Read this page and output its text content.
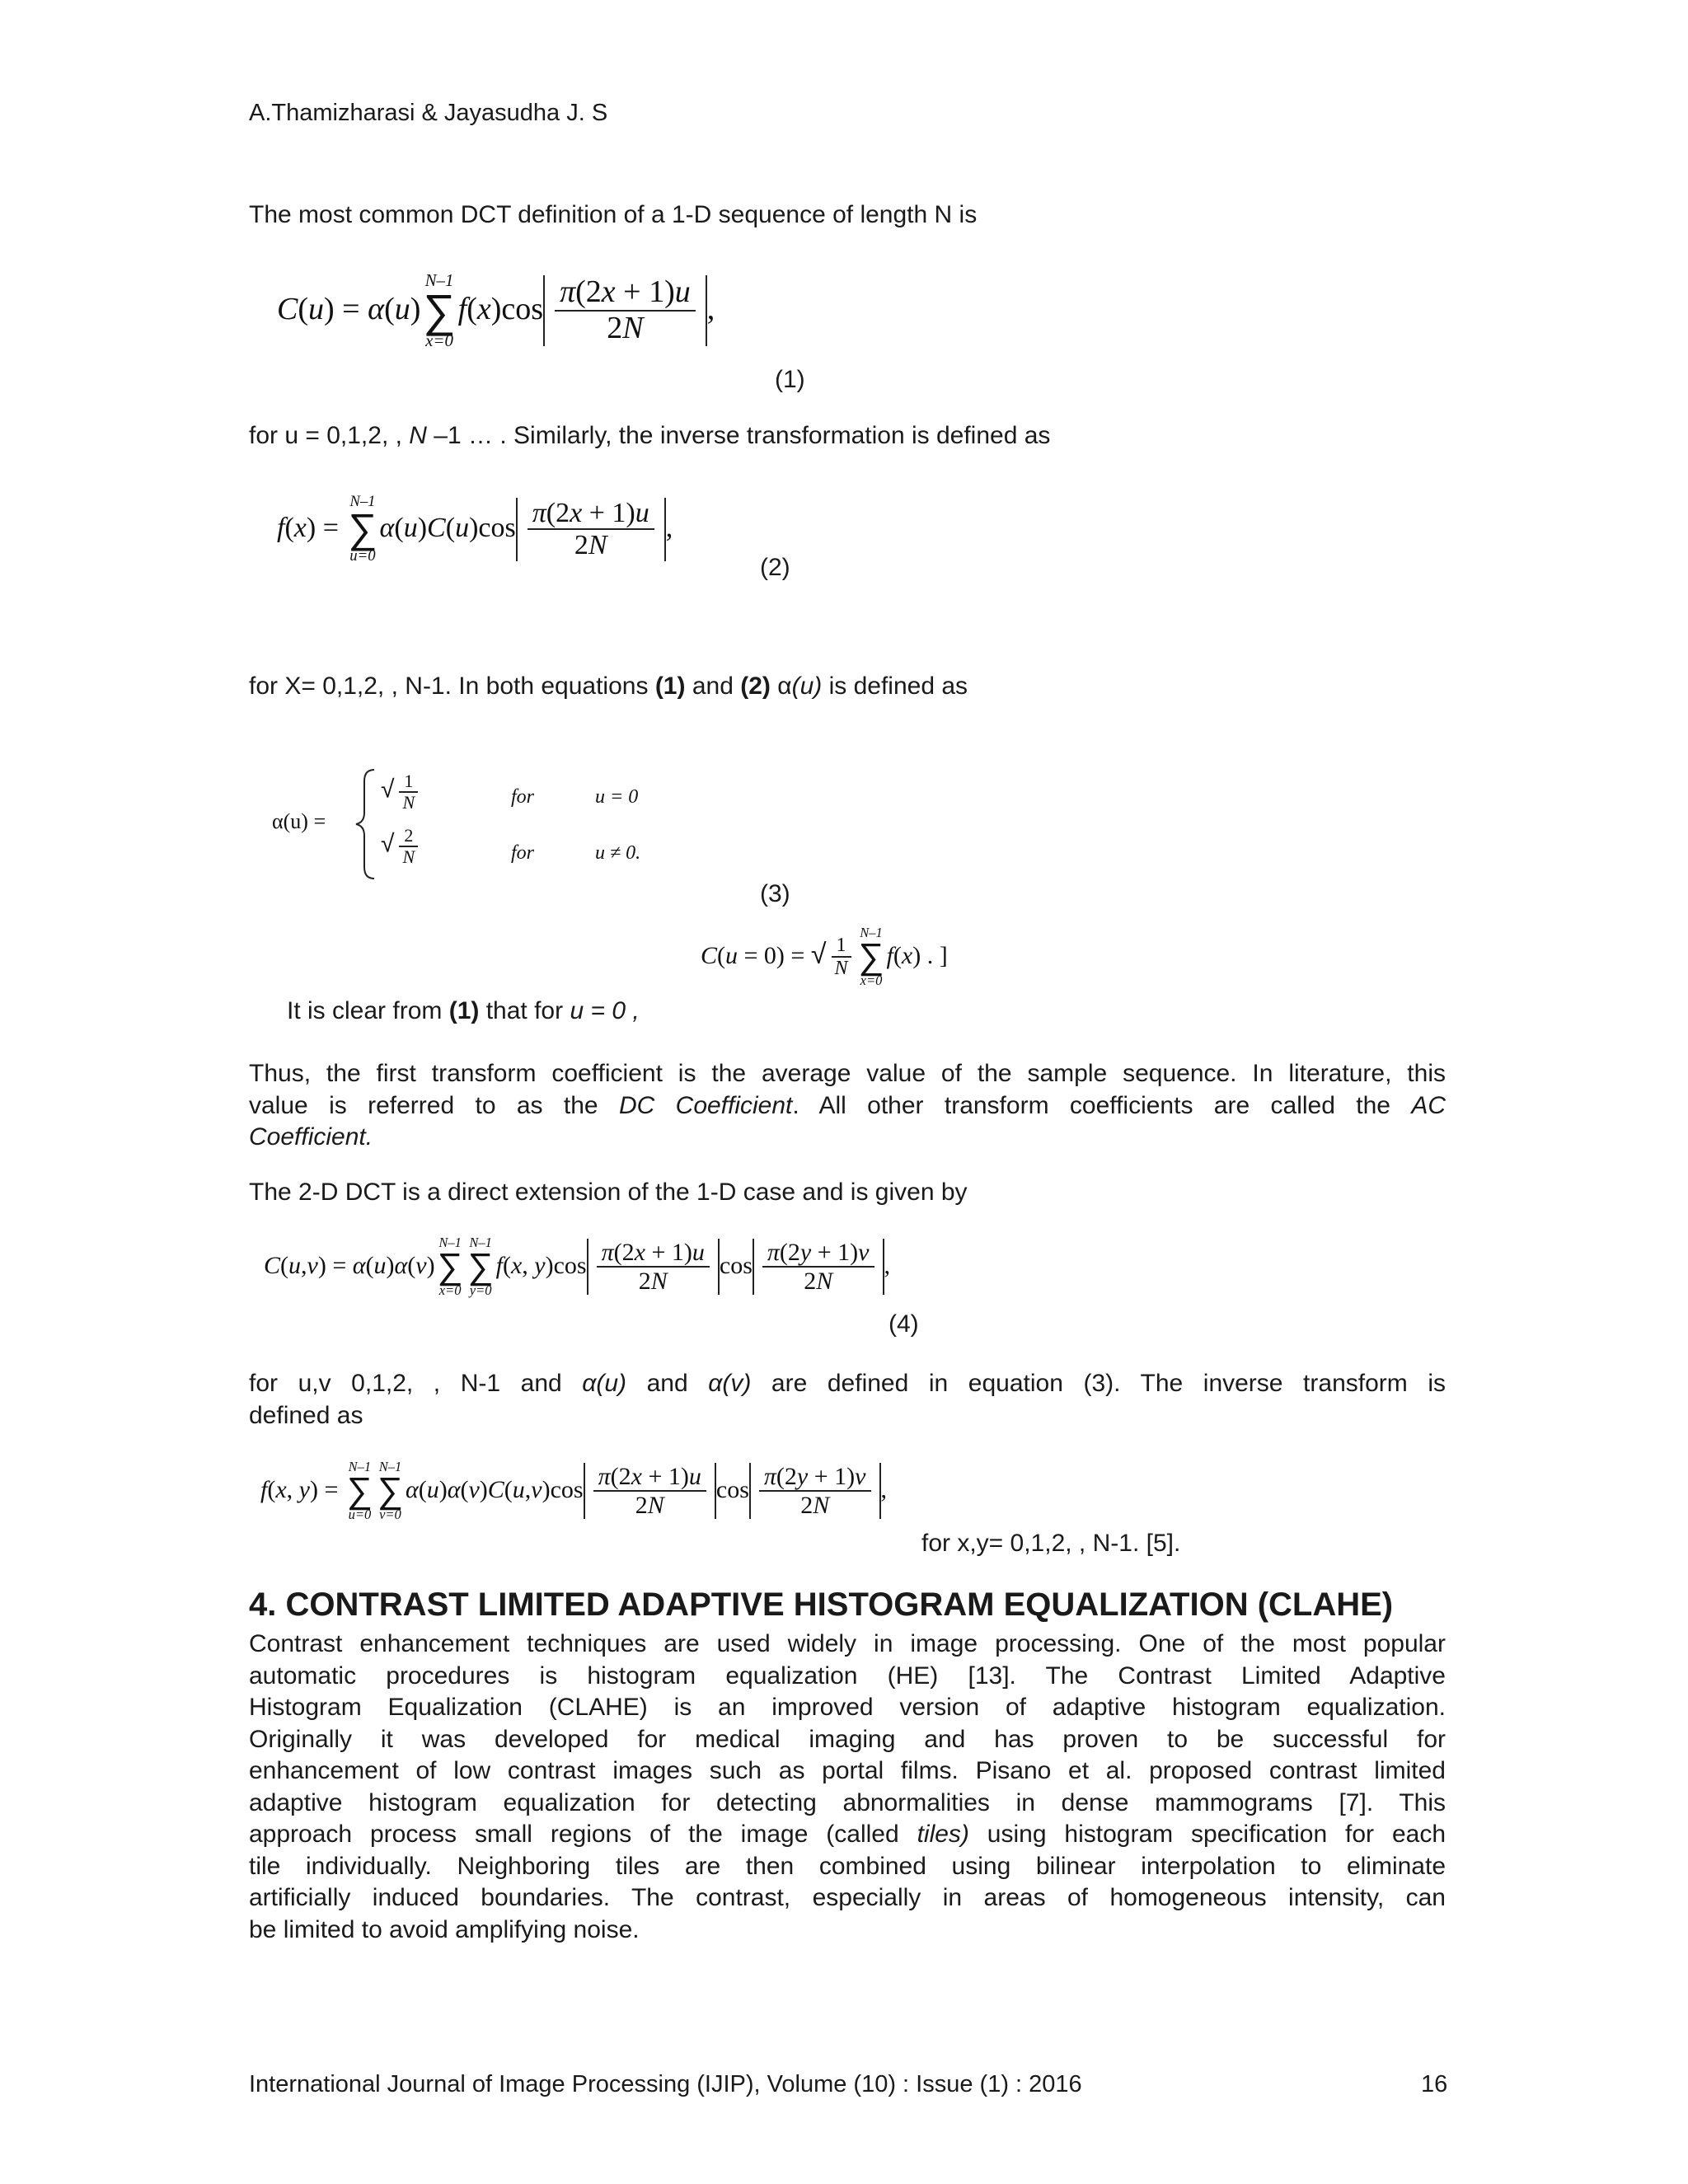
A.Thamizharasi & Jayasudha J. S
The most common DCT definition of a 1-D sequence of length N is
C(u) = α(u)
N–1
∑
x=0
$f(x)\cos \frac{\pi(2x + 1)u}{2N}$ ,
(1)
for u = 0,1,2, , N –1 … . Similarly, the inverse transformation is defined as
f(x) =
N–1
∑
u=0
$\alpha(u)C(u)\cos \frac{\pi(2x + 1)u}{2N}$ ,
(2)
for X= 0,1,2, , N-1. In both equations (1) and (2) α(u) is defined as
α(u) =
√ $\frac{1}{N}$
√ $\frac{2}{N}$
for	u = 0
for	u ≠ 0.
(3)
C(u = 0) = √ $\frac{1}{N}$
N–1
∑
x=0
f(x) . ]
It is clear from (1) that for u = 0 ,
Thus, the first transform coefficient is the average value of the sample sequence. In literature, this
value is referred to as the DC Coefficient. All other transform coefficients are called the AC
Coefficient.
The 2-D DCT is a direct extension of the 1-D case and is given by
C(u,v) = α(u)α(v)
N–1
∑
x=0
N–1
∑
y=0
f(x, $y)\cos \frac{\pi(2x + 1)u}{2N}$ $\cos \frac{\pi(2y + 1)v}{2N}$ ,
(4)
for u,v 0,1,2, , N-1 and α(u) and α(v) are defined in equation (3). The inverse transform is
defined as
f(x, y) =
N–1
∑
u=0
N–1
∑
v=0
$\alpha(u)\alpha(v)C(u,v)\cos \frac{\pi(2x + 1)u}{2N}$ $\cos \frac{\pi(2y + 1)v}{2N}$ ,
for x,y= 0,1,2, , N-1. [5].
4. CONTRAST LIMITED ADAPTIVE HISTOGRAM EQUALIZATION (CLAHE)
Contrast enhancement techniques are used widely in image processing. One of the most popular
automatic procedures is histogram equalization (HE) [13]. The Contrast Limited Adaptive
Histogram Equalization (CLAHE) is an improved version of adaptive histogram equalization.
Originally it was developed for medical imaging and has proven to be successful for
enhancement of low contrast images such as portal films. Pisano et al. proposed contrast limited
adaptive histogram equalization for detecting abnormalities in dense mammograms [7]. This
approach process small regions of the image (called tiles) using histogram specification for each
tile individually. Neighboring tiles are then combined using bilinear interpolation to eliminate
artificially induced boundaries. The contrast, especially in areas of homogeneous intensity, can
be limited to avoid amplifying noise.
International Journal of Image Processing (IJIP), Volume (10) : Issue (1) : 2016	16
